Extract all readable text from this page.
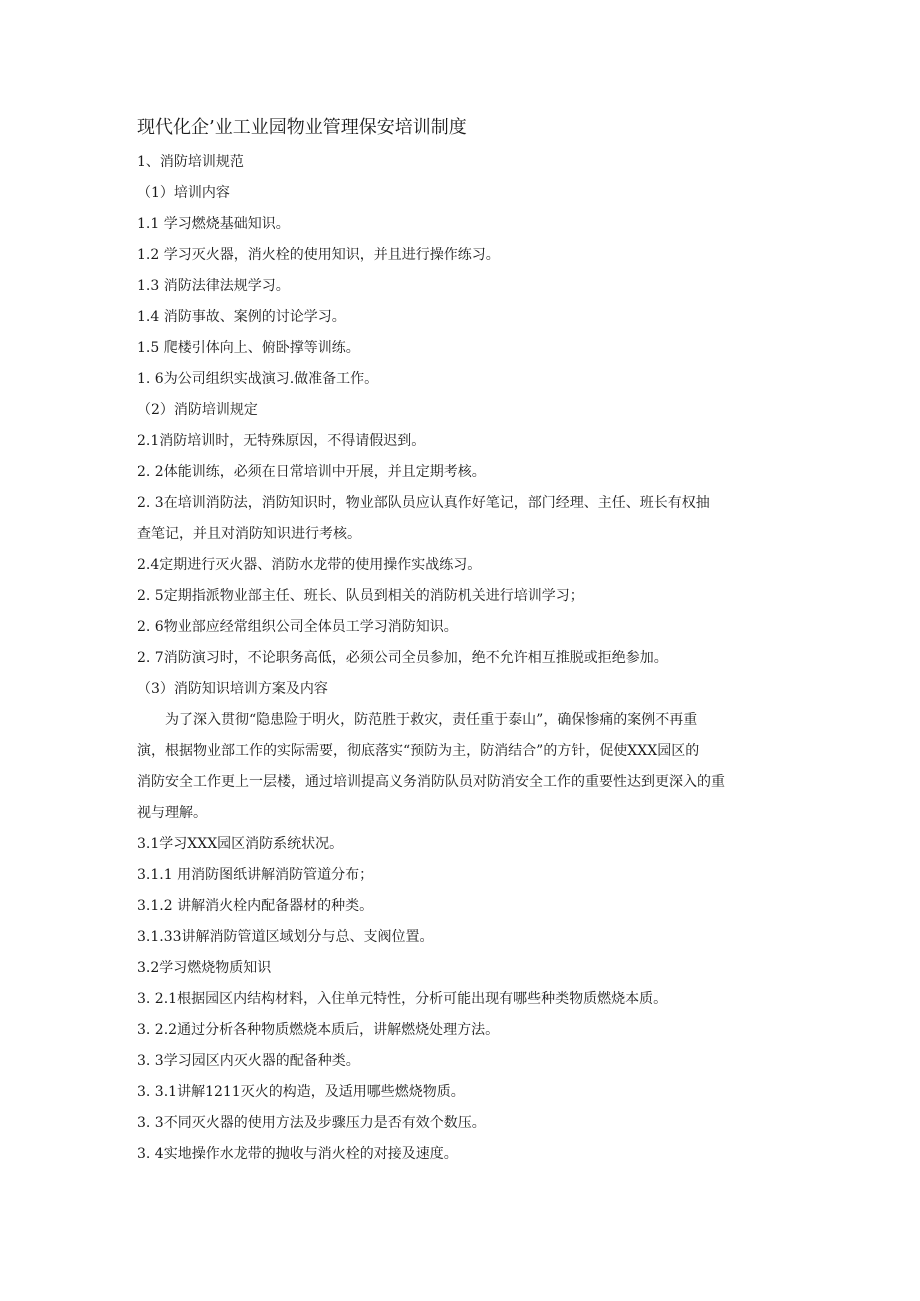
现代化企’业工业园物业管理保安培训制度
1、消防培训规范
（1）培训内容
1.1 学习燃烧基础知识。
1.2 学习灭火器，消火栓的使用知识，并且进行操作练习。
1.3 消防法律法规学习。
1.4 消防事故、案例的讨论学习。
1.5 爬楼引体向上、俯卧撑等训练。
1. 6为公司组织实战演习.做准备工作。
（2）消防培训规定
2.1消防培训时，无特殊原因，不得请假迟到。
2. 2体能训练，必须在日常培训中开展，并且定期考核。
2. 3在培训消防法，消防知识时，物业部队员应认真作好笔记，部门经理、主任、班长有权抽
查笔记，并且对消防知识进行考核。
2.4定期进行灭火器、消防水龙带的使用操作实战练习。
2. 5定期指派物业部主任、班长、队员到相关的消防机关进行培训学习；
2. 6物业部应经常组织公司全体员工学习消防知识。
2. 7消防演习时，不论职务高低，必须公司全员参加，绝不允许相互推脱或拒绝参加。
（3）消防知识培训方案及内容
　　为了深入贯彻“隐患险于明火，防范胜于救灾，责任重于泰山”，确保惨痛的案例不再重
演，根据物业部工作的实际需要，彻底落实“预防为主，防消结合”的方针，促使XXX园区的
消防安全工作更上一层楼，通过培训提高义务消防队员对防消安全工作的重要性达到更深入的重
视与理解。
3.1学习XXX园区消防系统状况。
3.1.1 用消防图纸讲解消防管道分布；
3.1.2 讲解消火栓内配备器材的种类。
3.1.33讲解消防管道区域划分与总、支阀位置。
3.2学习燃烧物质知识
3. 2.1根据园区内结构材料，入住单元特性，分析可能出现有哪些种类物质燃烧本质。
3. 2.2通过分析各种物质燃烧本质后，讲解燃烧处理方法。
3. 3学习园区内灭火器的配备种类。
3. 3.1讲解1211灭火的构造，及适用哪些燃烧物质。
3. 3不同灭火器的使用方法及步骤压力是否有效个数压。
3. 4实地操作水龙带的抛收与消火栓的对接及速度。
